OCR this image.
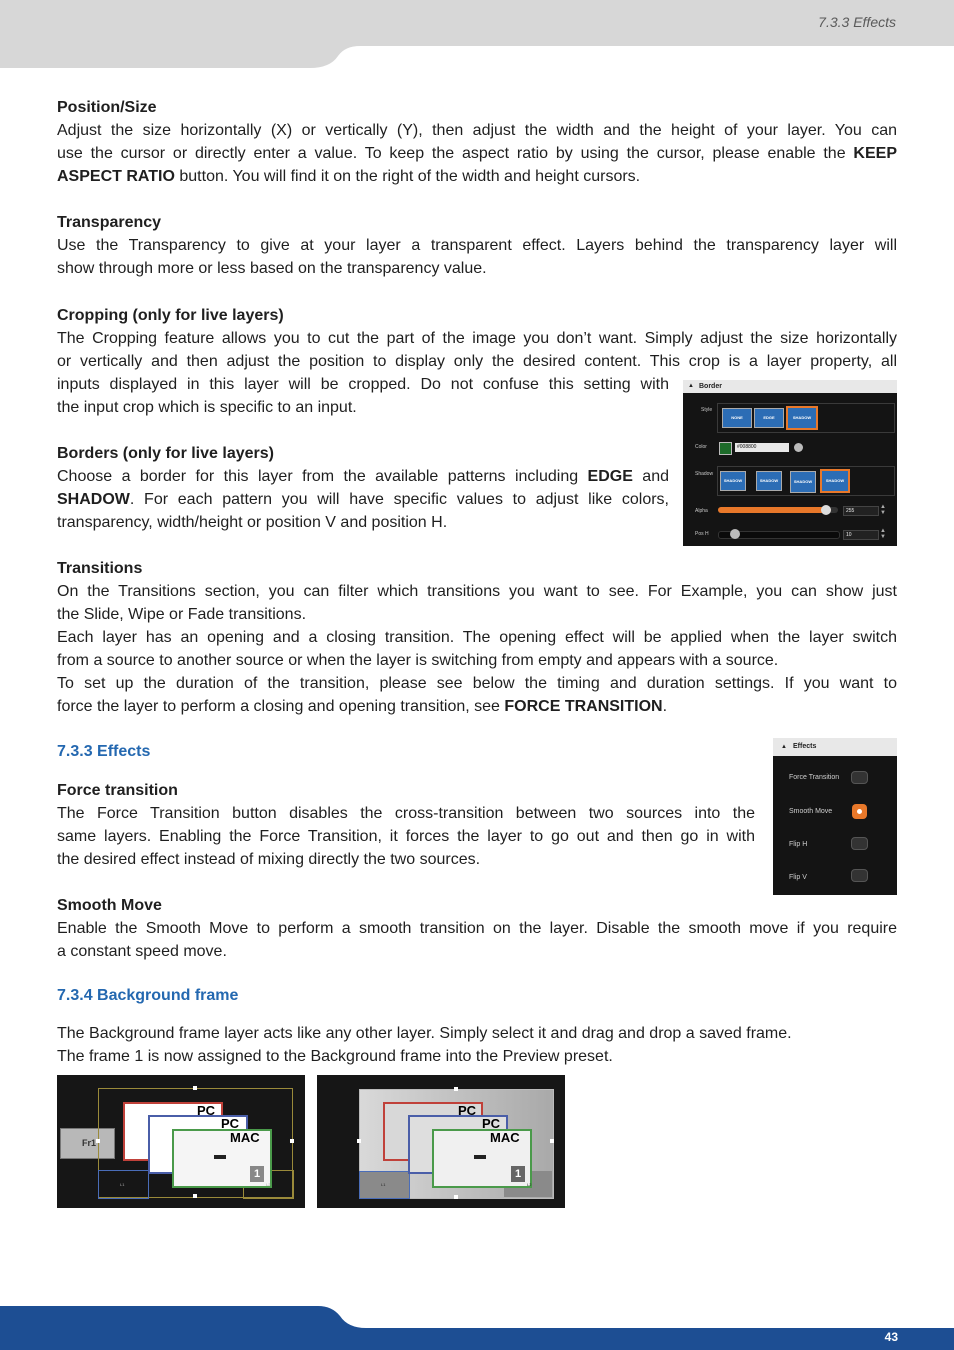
7.3.3 Effects

Position/Size

Adjust the size horizontally (X) or vertically (Y), then adjust the width and the height of your layer. You can

use the cursor or directly enter a value. To keep the aspect ratio by using the cursor, please enable the KEEP

ASPECT RATIO button. You will find it on the right of the width and height cursors.

Transparency

Use the Transparency to give at your layer a transparent effect. Layers behind the transparency layer will

show through more or less based on the transparency value.

Cropping (only for live layers)

The Cropping feature allows you to cut the part of the image you don’t want. Simply adjust the size horizontally

or vertically and then adjust the position to display only the desired content. This crop is a layer property, all

inputs displayed in this layer will be cropped. Do not confuse this setting with

the input crop which is specific to an input.

Borders (only for live layers)

Choose a border for this layer from the available patterns including EDGE and

SHADOW. For each pattern you will have specific values to adjust like colors,

transparency, width/height or position V and position H.

▲ Border
Style
NONE	EDGE	SHADOW
Color	#008800
Shadow
SHADOW	SHADOW	SHADOW	SHADOW
Alpha	255
▲
▼
Pos H	10
▲
▼

Transitions

On the Transitions section, you can filter which transitions you want to see. For Example, you can show just

the Slide, Wipe or Fade transitions.

Each layer has an opening and a closing transition. The opening effect will be applied when the layer switch

from a source to another source or when the layer is switching from empty and appears with a source.

To set up the duration of the transition, please see below the timing and duration settings. If you want to

force the layer to perform a closing and opening transition, see FORCE TRANSITION.

7.3.3 Effects

Force transition

The Force Transition button disables the cross-transition between two sources into the

same layers. Enabling the Force Transition, it forces the layer to go out and then go in with

the desired effect instead of mixing directly the two sources.

▲ Effects
Force Transition
Smooth Move
Flip H
Flip V

Smooth Move

Enable the Smooth Move to perform a smooth transition on the layer. Disable the smooth move if you require

a constant speed move.

7.3.4 Background frame

The Background frame layer acts like any other layer. Simply select it and drag and drop a saved frame.

The frame 1 is now assigned to the Background frame into the Preview preset.

Fr1
PC
PC
MAC
1
L1	L2
PC
PC
MAC
1
L1	L2
43
